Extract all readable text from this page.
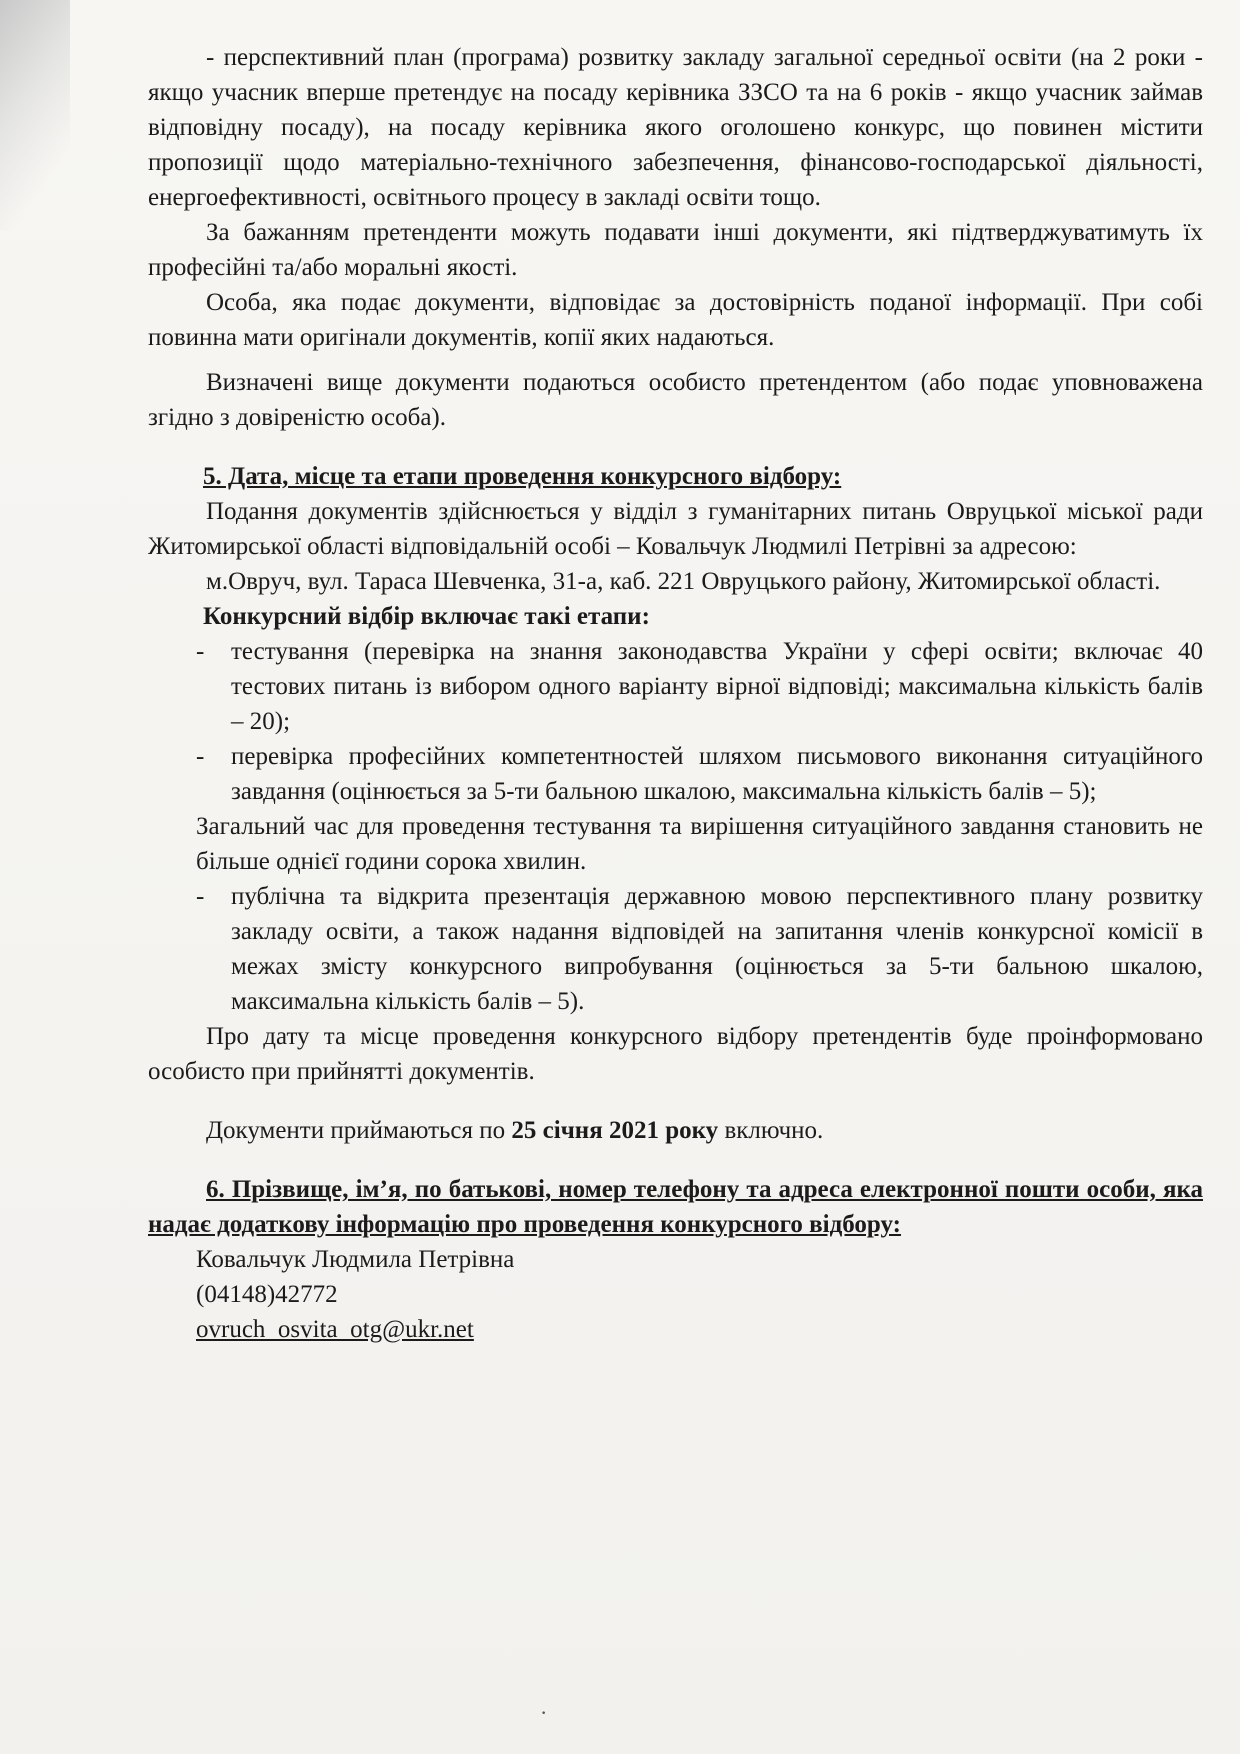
- перспективний план (програма) розвитку закладу загальної середньої освіти (на 2 роки - якщо учасник вперше претендує на посаду керівника ЗЗСО та на 6 років - якщо учасник займав відповідну посаду), на посаду керівника якого оголошено конкурс, що повинен містити пропозиції щодо матеріально-технічного забезпечення, фінансово-господарської діяльності, енергоефективності, освітнього процесу в закладі освіти тощо.

За бажанням претенденти можуть подавати інші документи, які підтверджуватимуть їх професійні та/або моральні якості.

Особа, яка подає документи, відповідає за достовірність поданої інформації. При собі повинна мати оригінали документів, копії яких надаються.

Визначені вище документи подаються особисто претендентом (або подає уповноважена згідно з довіреністю особа).

5. Дата, місце та етапи проведення конкурсного відбору:

Подання документів здійснюється у відділ з гуманітарних питань Овруцької міської ради Житомирської області відповідальній особі – Ковальчук Людмилі Петрівні за адресою:

м.Овруч, вул. Тараса Шевченка, 31-а, каб. 221 Овруцького району, Житомирської області.

Конкурсний відбір включає такі етапи:

-	тестування (перевірка на знання законодавства України у сфері освіти; включає 40 тестових питань із вибором одного варіанту вірної відповіді; максимальна кількість балів – 20);
-	перевірка професійних компетентностей шляхом письмового виконання ситуаційного завдання (оцінюється за 5-ти бальною шкалою, максимальна кількість балів – 5);

Загальний час для проведення тестування та вирішення ситуаційного завдання становить не більше однієї години сорока хвилин.

-	публічна та відкрита презентація державною мовою перспективного плану розвитку закладу освіти, а також надання відповідей на запитання членів конкурсної комісії в межах змісту конкурсного випробування (оцінюється за 5-ти бальною шкалою, максимальна кількість балів – 5).

Про дату та місце проведення конкурсного відбору претендентів буде проінформовано особисто при прийнятті документів.

Документи приймаються по 25 січня 2021 року включно.

6. Прізвище, ім’я, по батькові, номер телефону та адреса електронної пошти особи, яка надає додаткову інформацію про проведення конкурсного відбору:

Ковальчук Людмила Петрівна
(04148)42772
ovruch_osvita_otg@ukr.net
·
